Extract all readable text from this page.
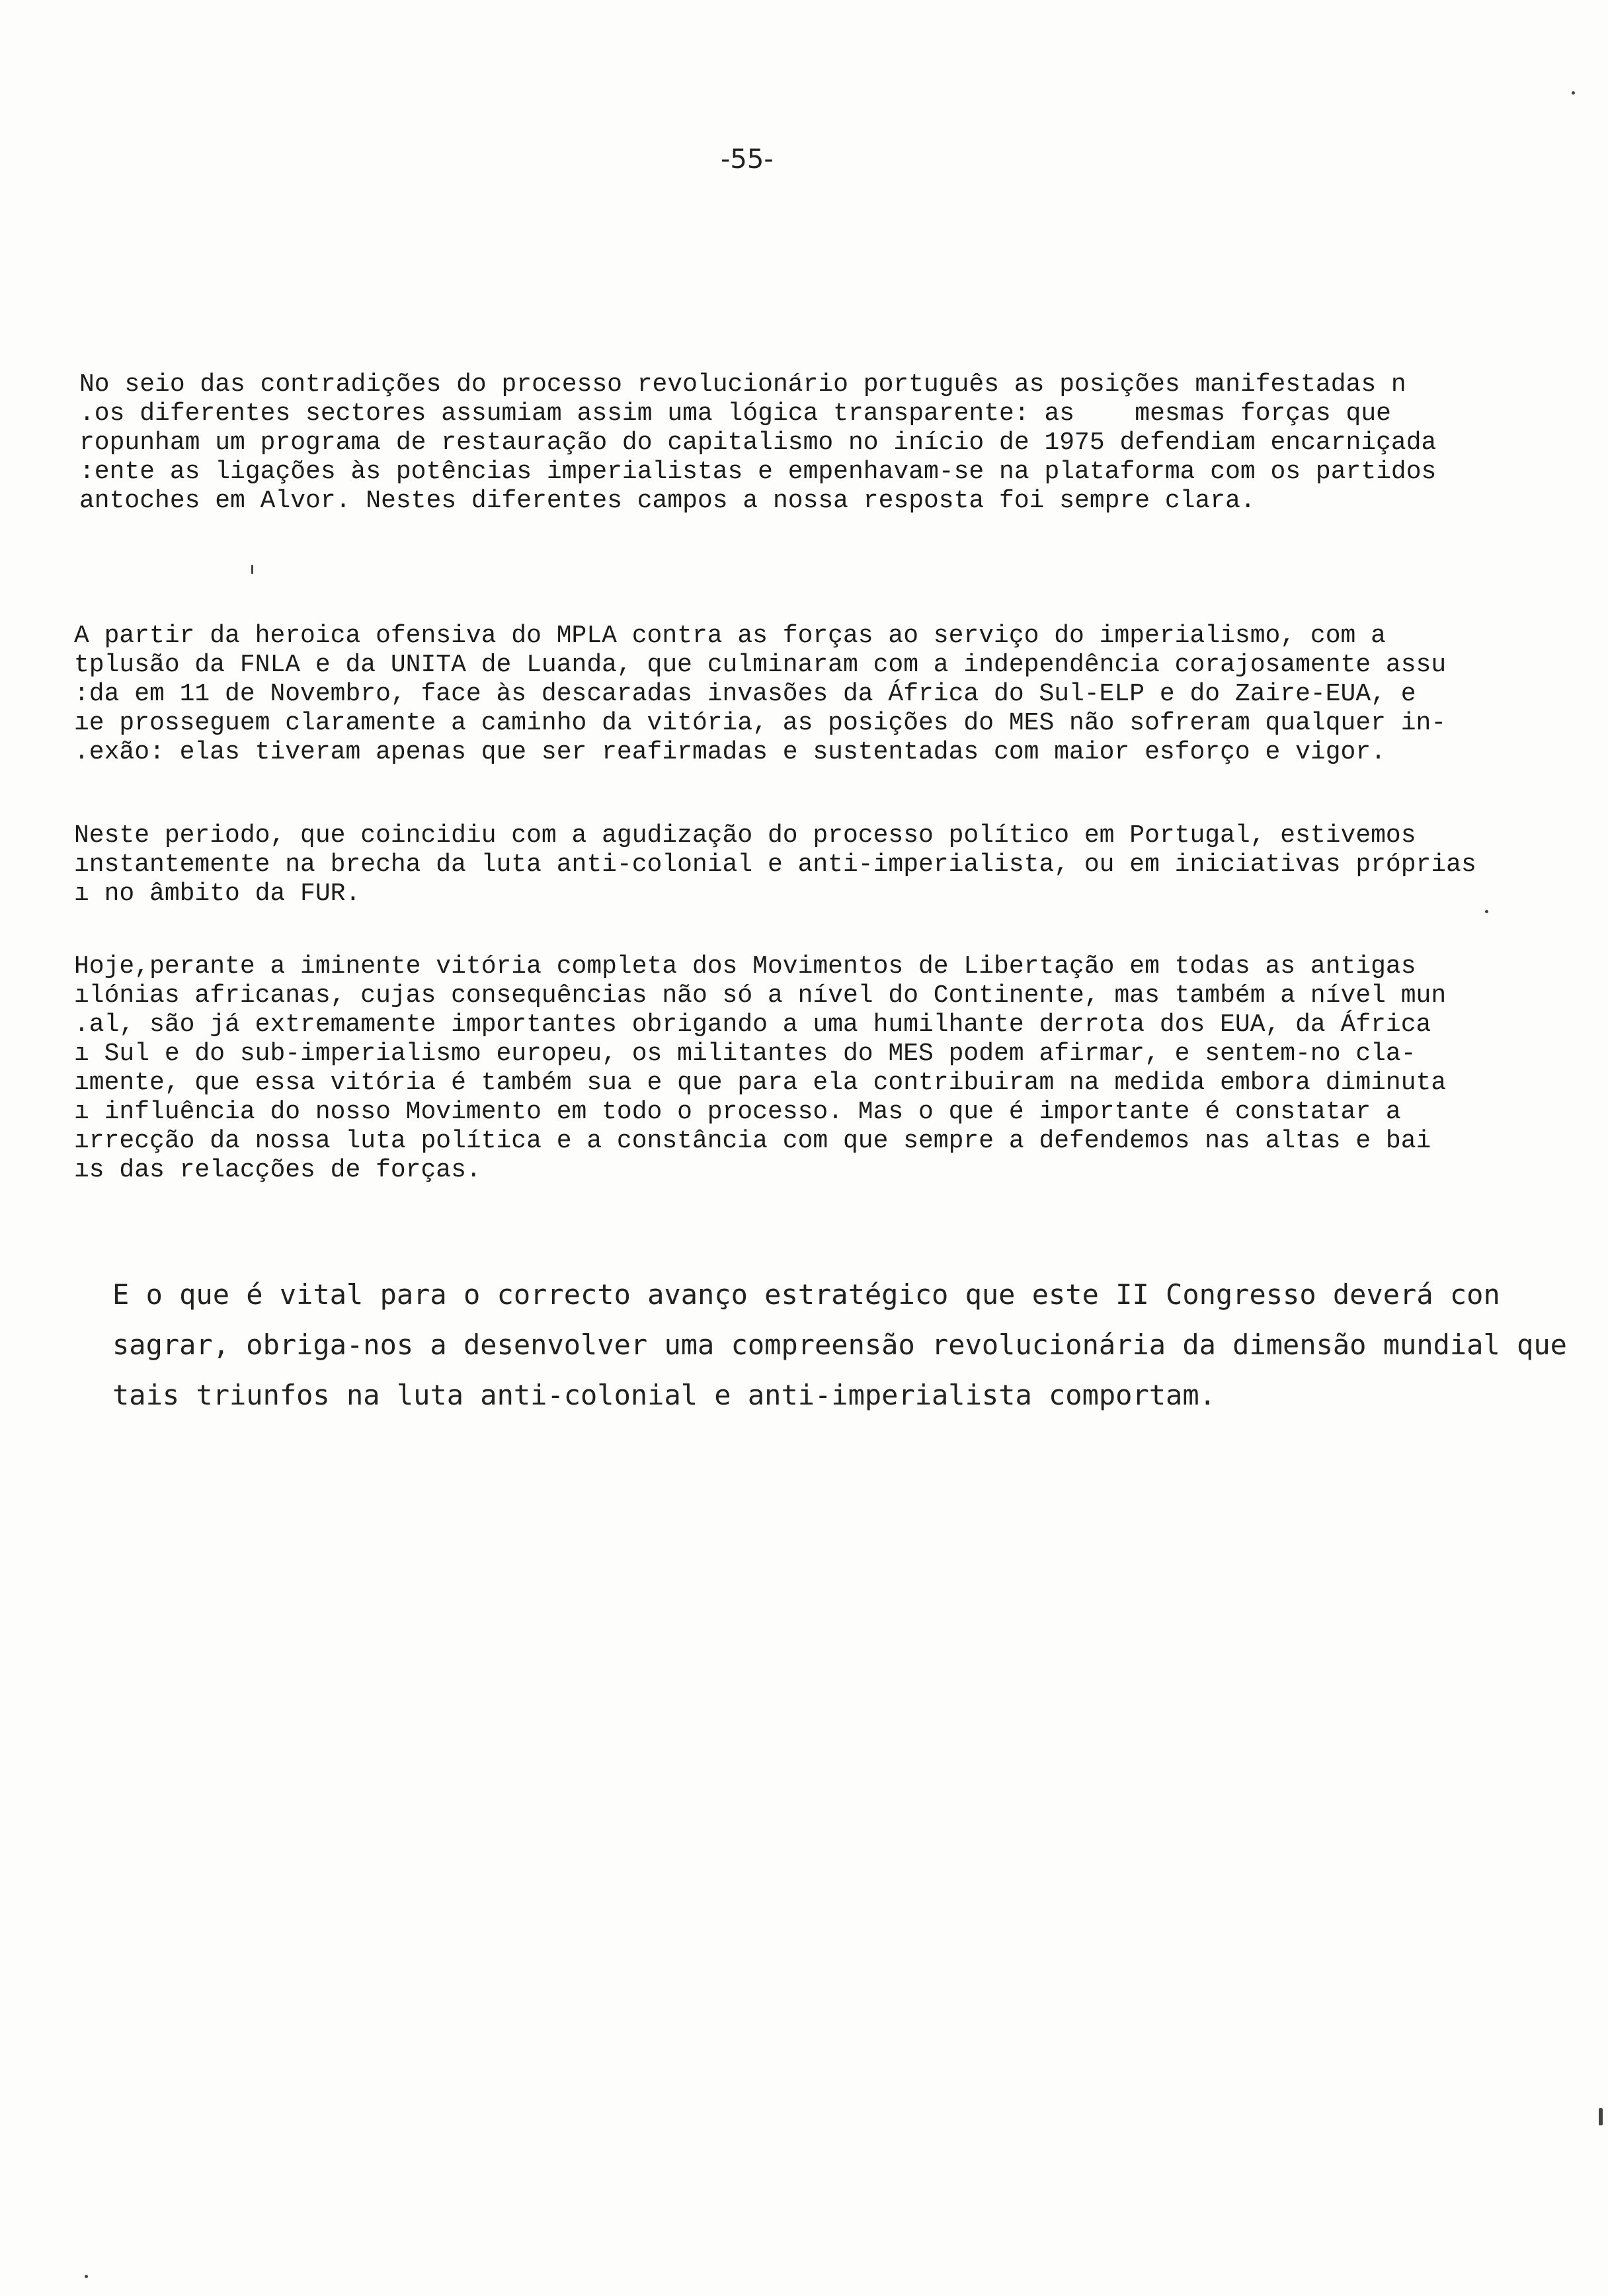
-55-
No seio das contradições do processo revolucionário português as posições manifestadas n
.os diferentes sectores assumiam assim uma lógica transparente: as    mesmas forças que
ropunham um programa de restauração do capitalismo no início de 1975 defendiam encarniçada
:ente as ligações às potências imperialistas e empenhavam-se na plataforma com os partidos
antoches em Alvor. Nestes diferentes campos a nossa resposta foi sempre clara.
A partir da heroica ofensiva do MPLA contra as forças ao serviço do imperialismo, com a
tplusão da FNLA e da UNITA de Luanda, que culminaram com a independência corajosamente assu
:da em 11 de Novembro, face às descaradas invasões da África do Sul-ELP e do Zaire-EUA, e
ıe prosseguem claramente a caminho da vitória, as posições do MES não sofreram qualquer in-
.exão: elas tiveram apenas que ser reafirmadas e sustentadas com maior esforço e vigor.
Neste periodo, que coincidiu com a agudização do processo político em Portugal, estivemos
ınstantemente na brecha da luta anti-colonial e anti-imperialista, ou em iniciativas próprias
ı no âmbito da FUR.
Hoje,perante a iminente vitória completa dos Movimentos de Libertação em todas as antigas
ılónias africanas, cujas consequências não só a nível do Continente, mas também a nível mun
.al, são já extremamente importantes obrigando a uma humilhante derrota dos EUA, da África
ı Sul e do sub-imperialismo europeu, os militantes do MES podem afirmar, e sentem-no cla-
ımente, que essa vitória é também sua e que para ela contribuiram na medida embora diminuta
ı influência do nosso Movimento em todo o processo. Mas o que é importante é constatar a
ırrecção da nossa luta política e a constância com que sempre a defendemos nas altas e bai
ıs das relacções de forças.
E o que é vital para o correcto avanço estratégico que este II Congresso deverá con
sagrar, obriga-nos a desenvolver uma compreensão revolucionária da dimensão mundial que
tais triunfos na luta anti-colonial e anti-imperialista comportam.
